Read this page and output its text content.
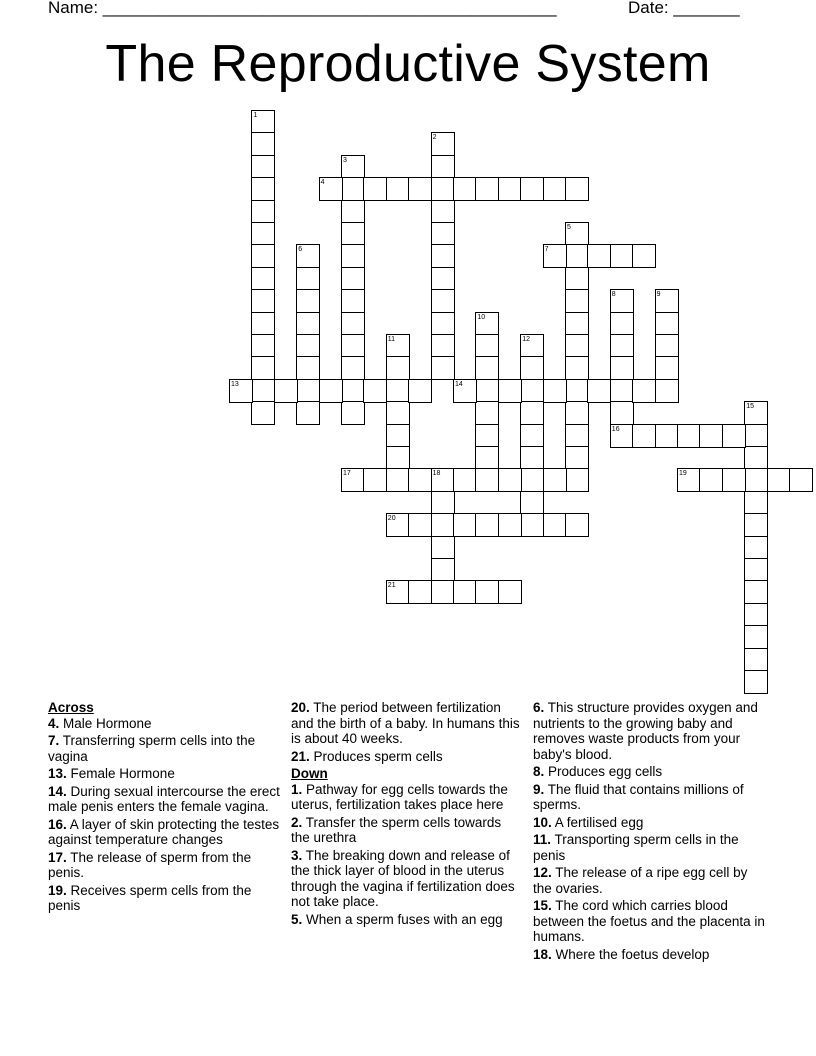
Name: ________________________________________________	Date: _______
The Reproductive System
1
2
3
4
5
6	7
8	9
10
11	12
13	14
15
16
17	18	19
20
21
Across
4. Male Hormone
7. Transferring sperm cells into the vagina
13. Female Hormone
14. During sexual intercourse the erect male penis enters the female vagina.
16. A layer of skin protecting the testes against temperature changes
17. The release of sperm from the penis.
19. Receives sperm cells from the penis
20. The period between fertilization and the birth of a baby. In humans this is about 40 weeks.
21. Produces sperm cells
Down
1. Pathway for egg cells towards the uterus, fertilization takes place here
2. Transfer the sperm cells towards the urethra
3. The breaking down and release of the thick layer of blood in the uterus through the vagina if fertilization does not take place.
5. When a sperm fuses with an egg
6. This structure provides oxygen and nutrients to the growing baby and removes waste products from your baby's blood.
8. Produces egg cells
9. The fluid that contains millions of sperms.
10. A fertilised egg
11. Transporting sperm cells in the penis
12. The release of a ripe egg cell by the ovaries.
15. The cord which carries blood between the foetus and the placenta in humans.
18. Where the foetus develop
